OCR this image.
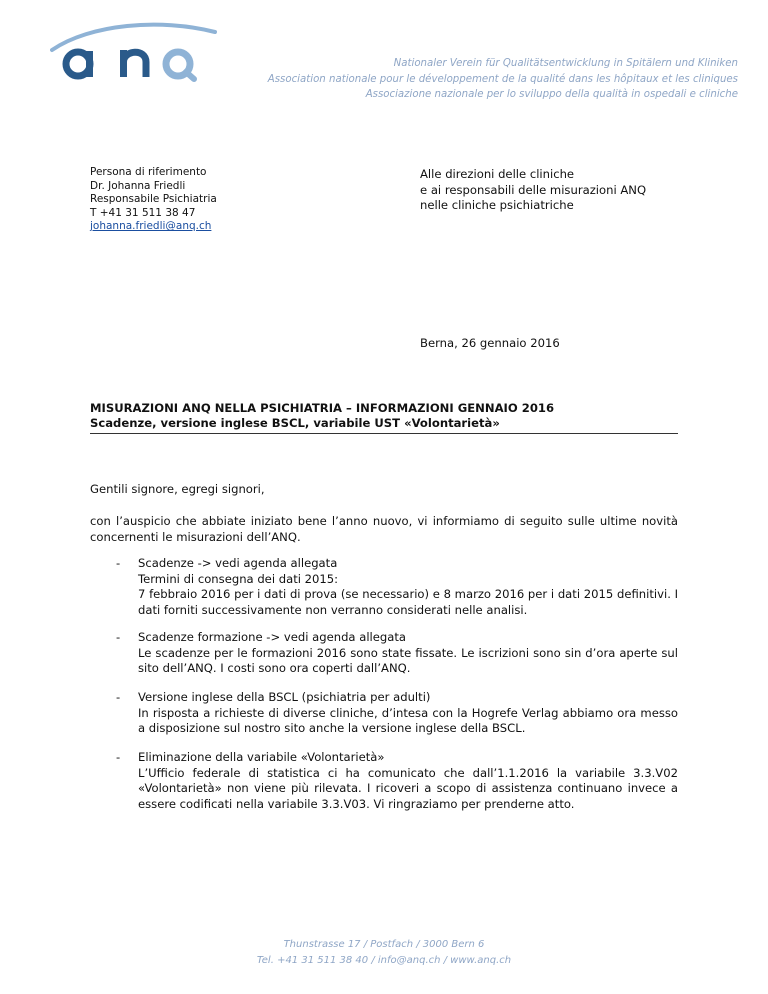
anq
Nationaler Verein für Qualitätsentwicklung in Spitälern und Kliniken
Association nationale pour le développement de la qualité dans les hôpitaux et les cliniques
Associazione nazionale per lo sviluppo della qualità in ospedali e cliniche
Persona di riferimento
Dr. Johanna Friedli
Responsabile Psichiatria
T +41 31 511 38 47
johanna.friedli@anq.ch
Alle direzioni delle cliniche
e ai responsabili delle misurazioni ANQ
nelle cliniche psichiatriche
Berna, 26 gennaio 2016
MISURAZIONI ANQ NELLA PSICHIATRIA – INFORMAZIONI GENNAIO 2016
Scadenze, versione inglese BSCL, variabile UST «Volontarietà»
Gentili signore, egregi signori,
con l’auspicio che abbiate iniziato bene l’anno nuovo, vi informiamo di seguito sulle ultime novità concernenti le misurazioni dell’ANQ.
- Scadenze -> vedi agenda allegata
Termini di consegna dei dati 2015:
7 febbraio 2016 per i dati di prova (se necessario) e 8 marzo 2016 per i dati 2015 definitivi. I dati forniti successivamente non verranno considerati nelle analisi.
- Scadenze formazione -> vedi agenda allegata
Le scadenze per le formazioni 2016 sono state fissate. Le iscrizioni sono sin d’ora aperte sul sito dell’ANQ. I costi sono ora coperti dall’ANQ.
- Versione inglese della BSCL (psichiatria per adulti)
In risposta a richieste di diverse cliniche, d’intesa con la Hogrefe Verlag abbiamo ora messo a disposizione sul nostro sito anche la versione inglese della BSCL.
- Eliminazione della variabile «Volontarietà»
L’Ufficio federale di statistica ci ha comunicato che dall’1.1.2016 la variabile 3.3.V02 «Volontarietà» non viene più rilevata. I ricoveri a scopo di assistenza continuano invece a essere codificati nella variabile 3.3.V03. Vi ringraziamo per prenderne atto.
Thunstrasse 17 / Postfach / 3000 Bern 6
Tel. +41 31 511 38 40 / info@anq.ch / www.anq.ch
